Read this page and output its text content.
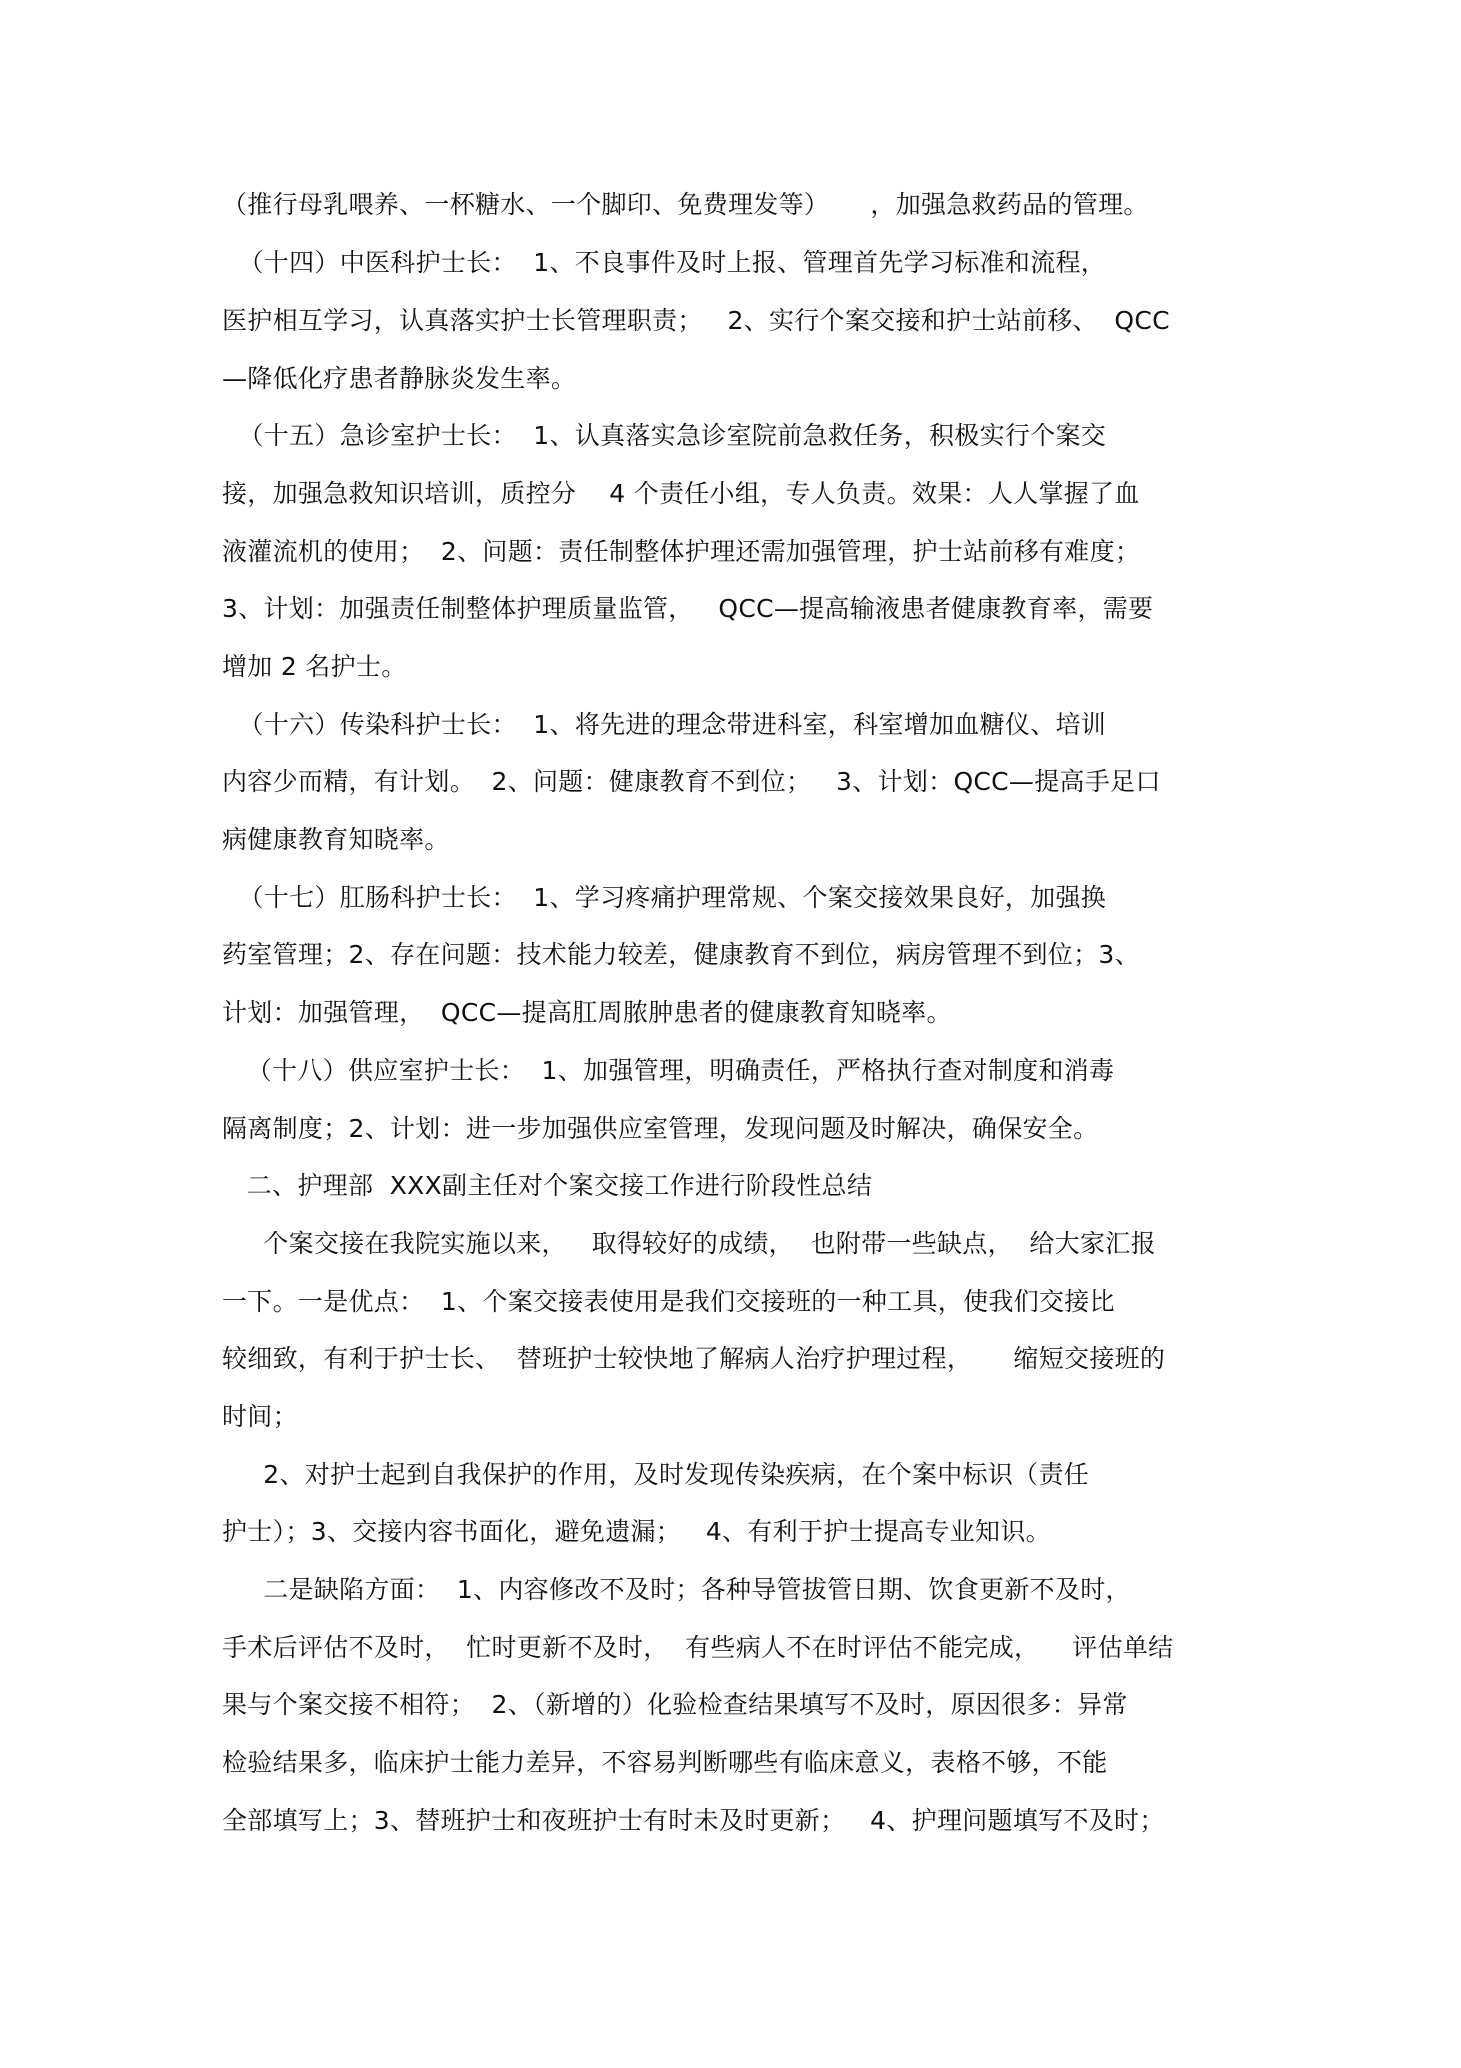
（推行母乳喂养、一杯糖水、一个脚印、免费理发等）     ，加强急救药品的管理。
（十四）中医科护士长：  1、不良事件及时上报、管理首先学习标准和流程，
医护相互学习，认真落实护士长管理职责；   2、实行个案交接和护士站前移、  QCC
—降低化疗患者静脉炎发生率。
（十五）急诊室护士长：  1、认真落实急诊室院前急救任务，积极实行个案交
接，加强急救知识培训，质控分    4 个责任小组，专人负责。效果：人人掌握了血
液灌流机的使用；  2、问题：责任制整体护理还需加强管理，护士站前移有难度；
3、计划：加强责任制整体护理质量监管，   QCC—提高输液患者健康教育率，需要
增加 2 名护士。
（十六）传染科护士长：  1、将先进的理念带进科室，科室增加血糖仪、培训
内容少而精，有计划。  2、问题：健康教育不到位；   3、计划：QCC—提高手足口
病健康教育知晓率。
（十七）肛肠科护士长：  1、学习疼痛护理常规、个案交接效果良好，加强换
药室管理；2、存在问题：技术能力较差，健康教育不到位，病房管理不到位；3、
计划：加强管理，  QCC—提高肛周脓肿患者的健康教育知晓率。
（十八）供应室护士长：  1、加强管理，明确责任，严格执行查对制度和消毒
隔离制度；2、计划：进一步加强供应室管理，发现问题及时解决，确保安全。
二、护理部  XXX副主任对个案交接工作进行阶段性总结
个案交接在我院实施以来，   取得较好的成绩，  也附带一些缺点，  给大家汇报
一下。一是优点：  1、个案交接表使用是我们交接班的一种工具，使我们交接比
较细致，有利于护士长、  替班护士较快地了解病人治疗护理过程，     缩短交接班的
时间；
2、对护士起到自我保护的作用，及时发现传染疾病，在个案中标识（责任
护士）；3、交接内容书面化，避免遗漏；   4、有利于护士提高专业知识。
二是缺陷方面：  1、内容修改不及时；各种导管拔管日期、饮食更新不及时，
手术后评估不及时，  忙时更新不及时，  有些病人不在时评估不能完成，    评估单结
果与个案交接不相符；  2、（新增的）化验检查结果填写不及时，原因很多：异常
检验结果多，临床护士能力差异，不容易判断哪些有临床意义，表格不够，不能
全部填写上；3、替班护士和夜班护士有时未及时更新；   4、护理问题填写不及时；
